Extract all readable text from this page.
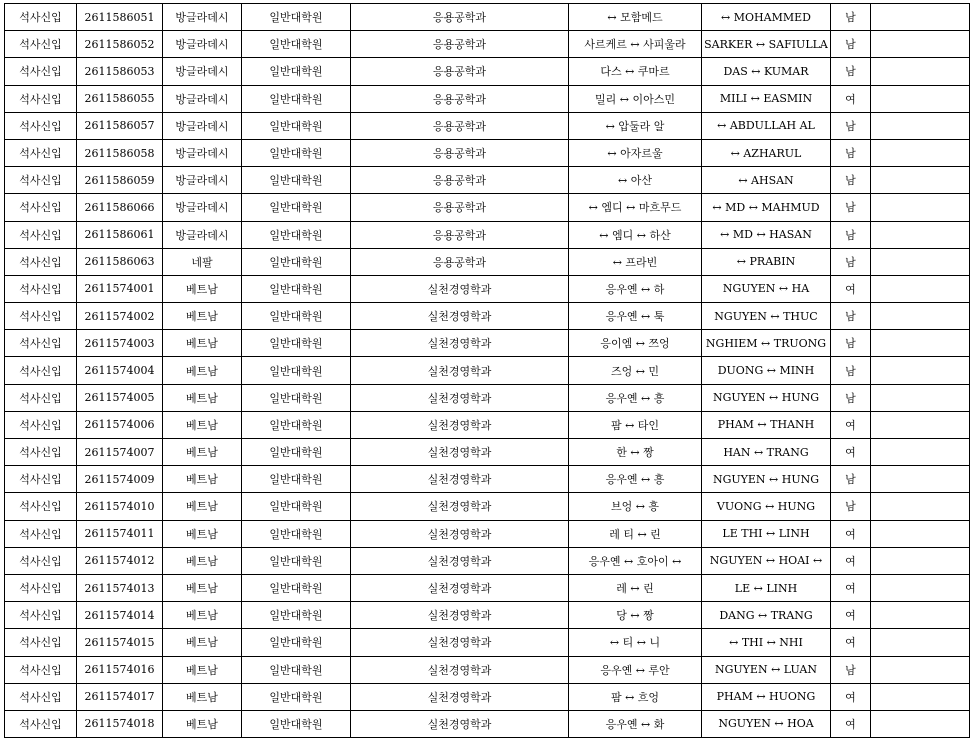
석사신입	2611586051	방글라데시	일반대학원	응용공학과	↔ 모함메드	↔ MOHAMMED	남	
석사신입	2611586052	방글라데시	일반대학원	응용공학과	사르케르 ↔ 사피울라	SARKER ↔ SAFIULLA	남	
석사신입	2611586053	방글라데시	일반대학원	응용공학과	다스 ↔ 쿠마르	DAS ↔ KUMAR	남	
석사신입	2611586055	방글라데시	일반대학원	응용공학과	밀리 ↔ 이아스민	MILI ↔ EASMIN	여	
석사신입	2611586057	방글라데시	일반대학원	응용공학과	↔ 압둘라 알	↔ ABDULLAH AL	남	
석사신입	2611586058	방글라데시	일반대학원	응용공학과	↔ 아자르울	↔ AZHARUL	남	
석사신입	2611586059	방글라데시	일반대학원	응용공학과	↔ 아산	↔ AHSAN	남	
석사신입	2611586066	방글라데시	일반대학원	응용공학과	↔ 엠디 ↔ 마흐무드	↔ MD ↔ MAHMUD	남	
석사신입	2611586061	방글라데시	일반대학원	응용공학과	↔ 엠디 ↔ 하산	↔ MD ↔ HASAN	남	
석사신입	2611586063	네팔	일반대학원	응용공학과	↔ 프라빈	↔ PRABIN	남	
석사신입	2611574001	베트남	일반대학원	실천경영학과	응우옌 ↔ 하	NGUYEN ↔ HA	여	
석사신입	2611574002	베트남	일반대학원	실천경영학과	응우옌 ↔ 툭	NGUYEN ↔ THUC	남	
석사신입	2611574003	베트남	일반대학원	실천경영학과	응이엠 ↔ 쯔엉	NGHIEM ↔ TRUONG	남	
석사신입	2611574004	베트남	일반대학원	실천경영학과	즈엉 ↔ 민	DUONG ↔ MINH	남	
석사신입	2611574005	베트남	일반대학원	실천경영학과	응우옌 ↔ 흥	NGUYEN ↔ HUNG	남	
석사신입	2611574006	베트남	일반대학원	실천경영학과	팜 ↔ 타인	PHAM ↔ THANH	여	
석사신입	2611574007	베트남	일반대학원	실천경영학과	한 ↔ 짱	HAN ↔ TRANG	여	
석사신입	2611574009	베트남	일반대학원	실천경영학과	응우옌 ↔ 흥	NGUYEN ↔ HUNG	남	
석사신입	2611574010	베트남	일반대학원	실천경영학과	브엉 ↔ 흥	VUONG ↔ HUNG	남	
석사신입	2611574011	베트남	일반대학원	실천경영학과	레 티 ↔ 린	LE THI ↔ LINH	여	
석사신입	2611574012	베트남	일반대학원	실천경영학과	응우옌 ↔ 호아이 ↔	NGUYEN ↔ HOAI ↔	여	
석사신입	2611574013	베트남	일반대학원	실천경영학과	레 ↔ 린	LE ↔ LINH	여	
석사신입	2611574014	베트남	일반대학원	실천경영학과	당 ↔ 짱	DANG ↔ TRANG	여	
석사신입	2611574015	베트남	일반대학원	실천경영학과	↔ 티 ↔ 니	↔ THI ↔ NHI	여	
석사신입	2611574016	베트남	일반대학원	실천경영학과	응우옌 ↔ 루안	NGUYEN ↔ LUAN	남	
석사신입	2611574017	베트남	일반대학원	실천경영학과	팜 ↔ 흐엉	PHAM ↔ HUONG	여	
석사신입	2611574018	베트남	일반대학원	실천경영학과	응우옌 ↔ 화	NGUYEN ↔ HOA	여	
